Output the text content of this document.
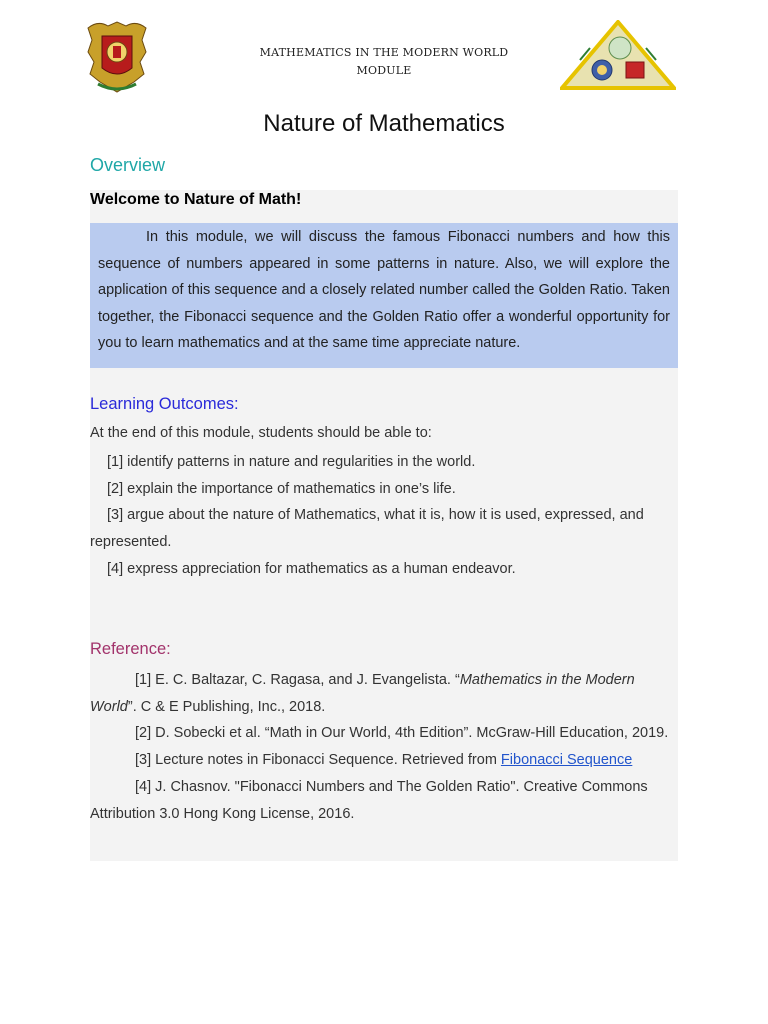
MATHEMATICS IN THE MODERN WORLD
MODULE
Nature of Mathematics
Overview
Welcome to Nature of Math!
In this module, we will discuss the famous Fibonacci numbers and how this sequence of numbers appeared in some patterns in nature. Also, we will explore the application of this sequence and a closely related number called the Golden Ratio. Taken together, the Fibonacci sequence and the Golden Ratio offer a wonderful opportunity for you to learn mathematics and at the same time appreciate nature.
Learning Outcomes:
At the end of this module, students should be able to:
[1] identify patterns in nature and regularities in the world.
[2] explain the importance of mathematics in one’s life.
[3] argue about the nature of Mathematics, what it is, how it is used, expressed, and represented.
[4] express appreciation for mathematics as a human endeavor.
Reference:
[1] E. C. Baltazar, C. Ragasa, and J. Evangelista. “Mathematics in the Modern World”. C & E Publishing, Inc., 2018.
[2] D. Sobecki et al. “Math in Our World, 4th Edition”. McGraw-Hill Education, 2019.
[3] Lecture notes in Fibonacci Sequence. Retrieved from Fibonacci Sequence
[4] J. Chasnov. "Fibonacci Numbers and The Golden Ratio". Creative Commons Attribution 3.0 Hong Kong License, 2016.
